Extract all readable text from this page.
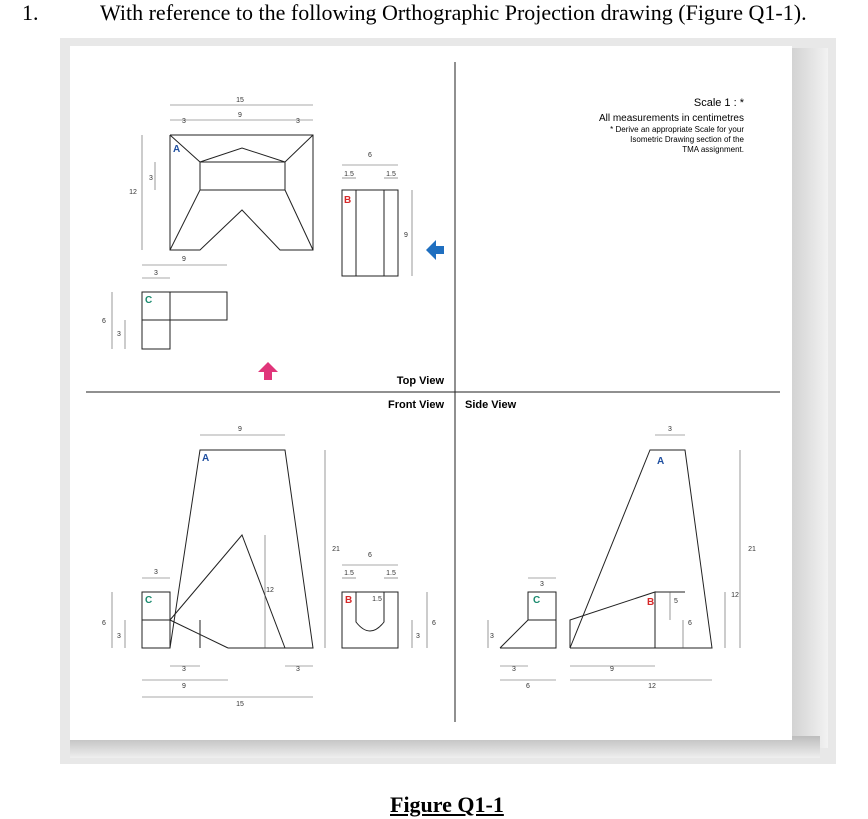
1.	With reference to the following Orthographic Projection drawing (Figure Q1-1).
Scale 1 : *
All measurements in centimetres
* Derive an appropriate Scale for your
Isometric Drawing section of the
TMA assignment.
Top View
Front View Side View
A
C
B
A
C	B
A
C	B
15
9
3	3
12
3
9
3
6
3
6
1.5	1.5
9
9
21
12
3
6
3
3
9
3
15
6
1.5	1.5
1.5
6
3
3
3
3
6
3
21
12
6
5
9
12
Figure Q1-1
